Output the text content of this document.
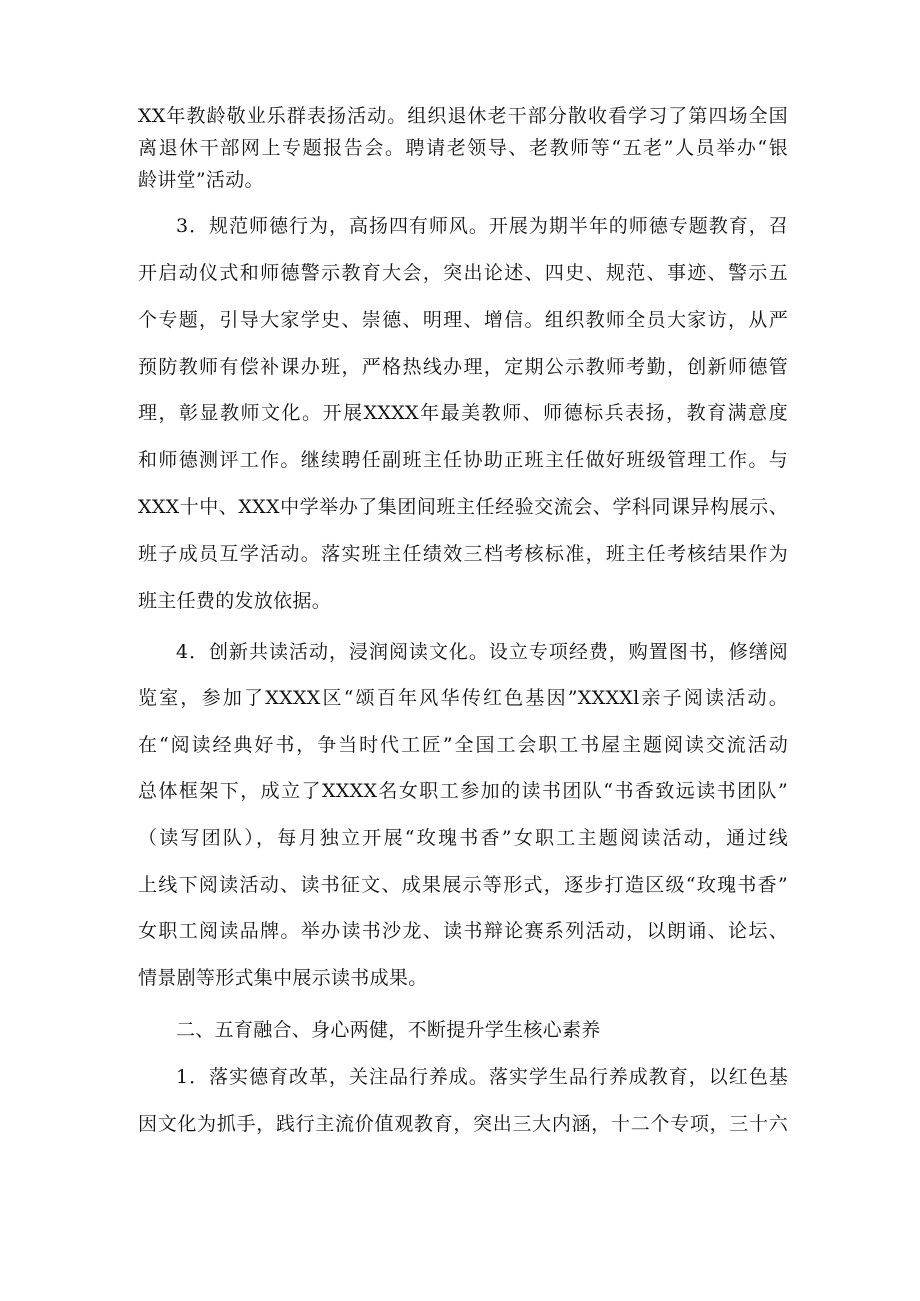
XX年教龄敬业乐群表扬活动。组织退休老干部分散收看学习了第四场全国
离退休干部网上专题报告会。聘请老领导、老教师等“五老”人员举办“银
龄讲堂”活动。
3．规范师德行为，高扬四有师风。开展为期半年的师德专题教育，召
开启动仪式和师德警示教育大会，突出论述、四史、规范、事迹、警示五
个专题，引导大家学史、崇德、明理、增信。组织教师全员大家访，从严
预防教师有偿补课办班，严格热线办理，定期公示教师考勤，创新师德管
理，彰显教师文化。开展XXXX年最美教师、师德标兵表扬，教育满意度
和师德测评工作。继续聘任副班主任协助正班主任做好班级管理工作。与
XXX十中、XXX中学举办了集团间班主任经验交流会、学科同课异构展示、
班子成员互学活动。落实班主任绩效三档考核标准，班主任考核结果作为
班主任费的发放依据。
4．创新共读活动，浸润阅读文化。设立专项经费，购置图书，修缮阅
览室，参加了XXXX区“颂百年风华传红色基因”XXXXl亲子阅读活动。
在“阅读经典好书，争当时代工匠”全国工会职工书屋主题阅读交流活动
总体框架下，成立了XXXX名女职工参加的读书团队“书香致远读书团队”
（读写团队），每月独立开展“玫瑰书香”女职工主题阅读活动，通过线
上线下阅读活动、读书征文、成果展示等形式，逐步打造区级“玫瑰书香”
女职工阅读品牌。举办读书沙龙、读书辩论赛系列活动，以朗诵、论坛、
情景剧等形式集中展示读书成果。
二、五育融合、身心两健，不断提升学生核心素养
1．落实德育改革，关注品行养成。落实学生品行养成教育，以红色基
因文化为抓手，践行主流价值观教育，突出三大内涵，十二个专项，三十六
